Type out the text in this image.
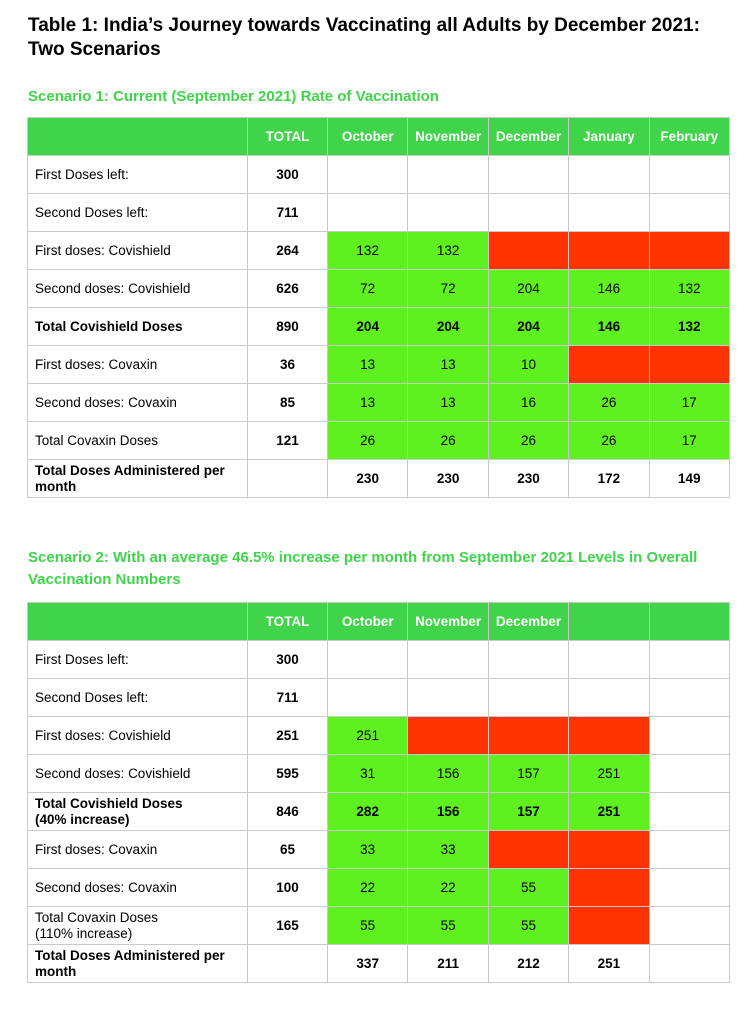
Table 1: India’s Journey towards Vaccinating all Adults by December 2021:
Two Scenarios
Scenario 1: Current (September 2021) Rate of Vaccination
	TOTAL	October	November	December	January	February

First Doses left:	300					

Second Doses left:	711					

First doses: Covishield	264	132	132			

Second doses: Covishield	626	72	72	204	146	132

Total Covishield Doses	890	204	204	204	146	132

First doses: Covaxin	36	13	13	10		

Second doses: Covaxin	85	13	13	16	26	17

Total Covaxin Doses	121	26	26	26	26	17

Total Doses Administered per
month		230	230	230	172	149
Scenario 2: With an average 46.5% increase per month from September 2021 Levels in Overall
Vaccination Numbers
	TOTAL	October	November	December		

First Doses left:	300					

Second Doses left:	711					

First doses: Covishield	251	251				

Second doses: Covishield	595	31	156	157	251	

Total Covishield Doses
(40% increase)	846	282	156	157	251	

First doses: Covaxin	65	33	33			

Second doses: Covaxin	100	22	22	55		

Total Covaxin Doses
(110% increase)	165	55	55	55		

Total Doses Administered per
month		337	211	212	251	
